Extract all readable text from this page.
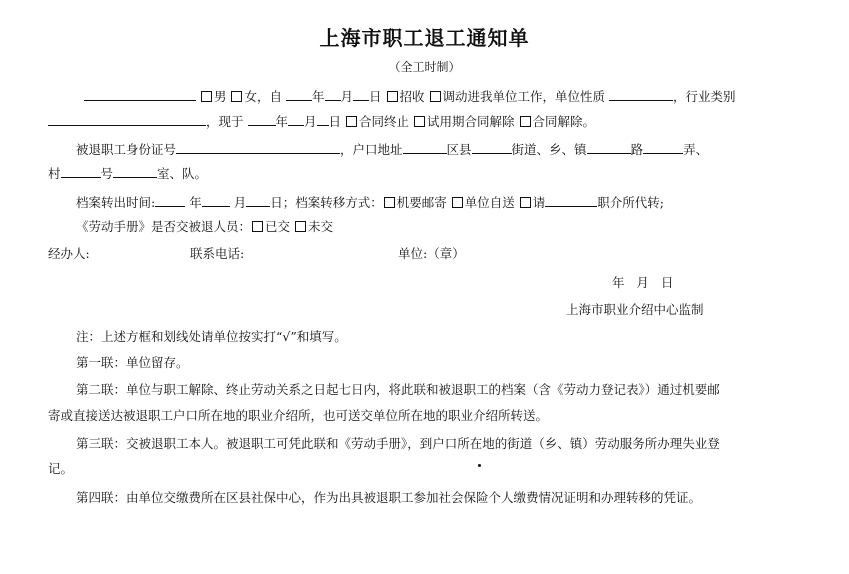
上海市职工退工通知单
（全工时制）
男 女，自 年 月 日 招收 调动进我单位工作，单位性质	，行业类别
，现于	年 月 日 合同终止 试用期合同解除 合同解除。
被退职工身份证号	，户口地址	区县	街道、乡、镇	路	弄、
村	号	室、队。
档案转出时间:	年	月 日；档案转移方式： 机要邮寄 单位自送 请	职介所代转;
《劳动手册》是否交被退人员： 已交 未交
经办人:	联系电话:	单位:（章）
年   月   日
上海市职业介绍中心监制
注：上述方框和划线处请单位按实打“√”和填写。
第一联：单位留存。
第二联：单位与职工解除、终止劳动关系之日起七日内，将此联和被退职工的档案（含《劳动力登记表》）通过机要邮
寄或直接送达被退职工户口所在地的职业介绍所，也可送交单位所在地的职业介绍所转送。
第三联：交被退职工本人。被退职工可凭此联和《劳动手册》，到户口所在地的街道（乡、镇）劳动服务所办理失业登
记。
第四联：由单位交缴费所在区县社保中心，作为出具被退职工参加社会保险个人缴费情况证明和办理转移的凭证。
